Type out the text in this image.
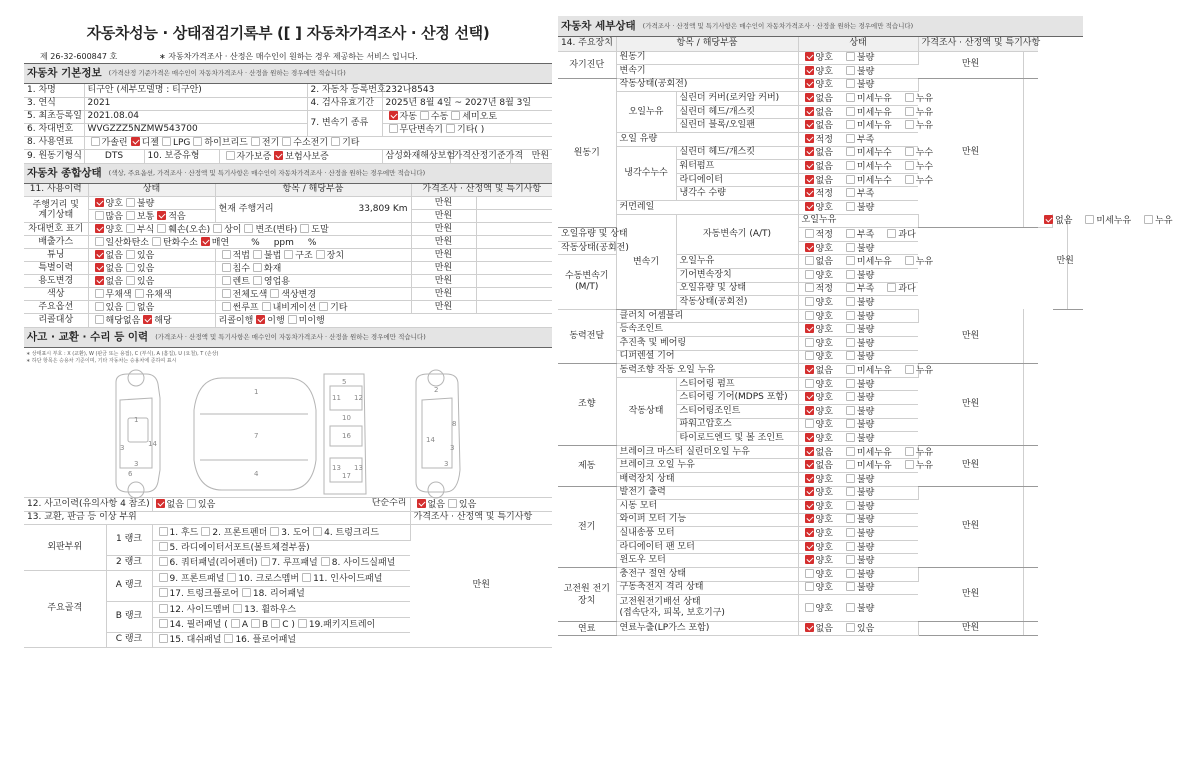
자동차성능 · 상태점검기록부 ([ ] 자동차가격조사 · 산정 선택)
제 26-32-600847 호	∗ 자동차가격조사 · 산정은 매수인이 원하는 경우 제공하는 서비스 입니다.
자동차 기본정보 (가격산정 기준가격은 매수인이 자동차가격조사 · 산정을 원하는 경우에만 적습니다)
1. 차명	티구안 (세부모델명 : 티구안)			2. 자동차 등록번호	232나8543		
3. 연식	2021			4. 검사유효기간	2025년 8월 4일 ~ 2027년 8월 3일		
5. 최초등록일	2021.08.04			7. 변속기 종류	자동 수동 세미오토		
6. 차대번호	WVGZZZ5NZMW543700				무단변속기 기타( )		
8. 사용연료	가솔린 디젤 LPG 하이브리드 전기 수소전기 기타						
9. 원동기형식	DTS	10. 보증유형	자가보증 보험사보증		삼성화재해상보험	가격산정기준가격	만원
자동차 종합상태 (색상, 주요옵션, 가격조사 · 산정액 및 특기사항은 매수인이 자동차가격조사 · 산정을 원하는 경우에만 적습니다)
11. 사용이력	상태	항목 / 해당부품	가격조사 · 산정액 및 특기사항	
주행거리 및 계기상태	양호 불량	현재 주행거리 33,809 Km	만원	
	많음 보통 적음		만원	
차대번호 표기	양호 부식 훼손(오손) 상이 변조(변타) 도말		만원	
배출가스	일산화탄소 탄화수소 매연 % ppm %		만원	
튜닝	없음 있음	적법 불법 구조 장치	만원	
특별이력	없음 있음	침수 화재	만원	
용도변경	없음 있음	렌트 영업용	만원	
색상	무채색 유채색	전체도색 색상변경	만원	
주요옵션	있음 없음	썬루프 내비게이션 기타	만원	
리콜대상	해당없음 해당	리콜이행 이행 미이행		
사고 · 교환 · 수리 등 이력 (가격조사 · 산정액 및 특기사항은 매수인이 자동차가격조사 · 산정을 원하는 경우에만 적습니다)
∗ 상태표시 부호 : X (교환), W (판금 또는 용접), C (부식), A (흠집), U (요철), T (손상)
∗ 하단 항목은 승용차 기준이며, 기타 자동차는 승용차에 준하여 표시
1
3
3
6
14
1
7
4
5
11 12
10
16
13
17
13
2
8
3
3
14
12. 사고이력(유의사항 4 참조)		없음 있음 단순수리	없음 있음
13. 교환, 판금 등 이상 부위			가격조사 · 산정액 및 특기사항
외판부위	1 랭크	1. 후드 2. 프론트펜더 3. 도어 4. 트렁크리드	만원
		5. 라디에이터서포트(볼트체결부품)	
	2 랭크	6. 쿼터패널(리어펜더) 7. 루프패널 8. 사이드실패널	
주요골격	A 랭크	9. 프론트패널 10. 크로스멤버 11. 인사이드패널	
		17. 트렁크플로어 18. 리어패널	
	B 랭크	12. 사이드멤버 13. 휠하우스	
		14. 필러패널 ( A B C ) 19.패키지트레이	
	C 랭크	15. 대쉬패널 16. 플로어패널	
자동차 세부상태 (가격조사 · 산정액 및 특기사항은 매수인이 자동차가격조사 · 산정을 원하는 경우에만 적습니다)
14. 주요장치	항목 / 해당부품		상태	가격조사 · 산정액 및 특기사항				
자기진단	원동기		양호 불량	만원				
	변속기		양호 불량					
원동기	작동상태(공회전)		양호 불량	만원				
	오일누유	실린더 커버(로커암 커버)	없음 미세누유 누유					
		실린더 헤드/개스킷	없음 미세누유 누유					
		실린더 블록/오일팬	없음 미세누유 누유					
	오일 유량		적정 부족					
	냉각수누수	실린더 헤드/개스킷	없음 미세누수 누수					
		워터펌프	없음 미세누수 누수					
		라디에이터	없음 미세누수 누수					
		냉각수 수량	적정 부족					
	커먼레일		양호 불량					
	변속기	자동변속기 (A/T)	오일누유			없음 미세누유 누유	만원	
오일유량 및 상태			적정 부족 과다					
작동상태(공회전)			양호 불량					
수동변속기 (M/T)		오일누유	없음 미세누유 누유					
		기어변속장치	양호 불량					
		오일유량 및 상태	적정 부족 과다					
		작동상태(공회전)	양호 불량					
동력전달	클러치 어셈블리		양호 불량	만원				
	등속조인트		양호 불량					
	추진축 및 베어링		양호 불량					
	디퍼렌셜 기어		양호 불량					
조향	동력조향 작동 오일 누유		없음 미세누유 누유	만원				
	작동상태	스티어링 펌프	양호 불량					
		스티어링 기어(MDPS 포함)	양호 불량					
		스티어링조인트	양호 불량					
		파워고압호스	양호 불량					
		타이로드엔드 및 볼 조인트	양호 불량					
제동	브레이크 마스터 실린더오일 누유		없음 미세누유 누유	만원				
	브레이크 오일 누유		없음 미세누유 누유					
	배력장치 상태		양호 불량					
전기	발전기 출력		양호 불량	만원				
	시동 모터		양호 불량					
	와이퍼 모터 기능		양호 불량					
	실내송풍 모터		양호 불량					
	라디에이터 팬 모터		양호 불량					
	윈도우 모터		양호 불량					
고전원 전기장치	충전구 절연 상태		양호 불량	만원				
	구동축전지 격리 상태		양호 불량					
	고전원전기배선 상태
(접속단자, 피복, 보호기구)		양호 불량					
연료	연료누출(LP가스 포함)		없음 있음	만원				
